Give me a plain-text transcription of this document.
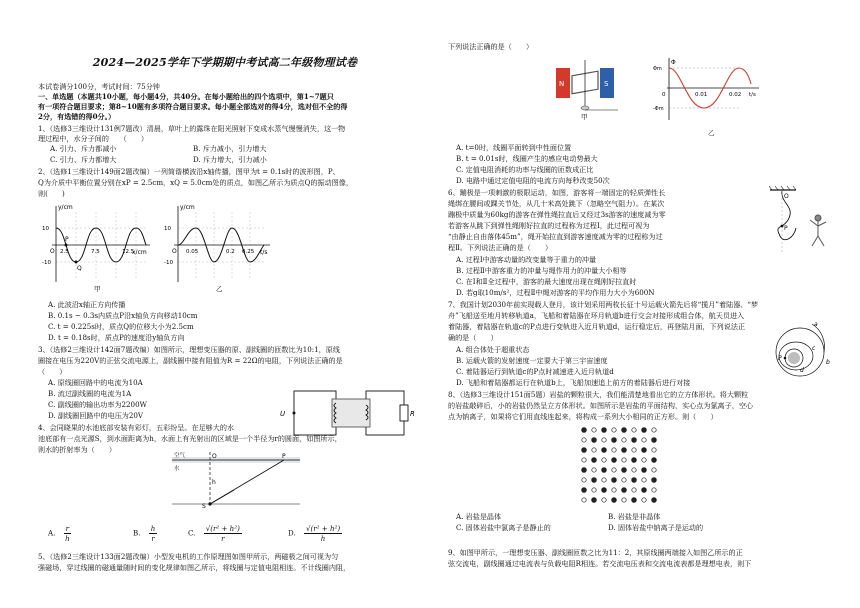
2024—2025学年下学期期中考试高二年级物理试卷
本试卷满分100分，考试时间：75分钟
一、单选题（本题共10小题，每小题4分，共40分。在每小题给出的四个选项中，第1~7题只
有一项符合题目要求；第8~10题有多项符合题目要求。每小题全部选对的得4分，选对但不全的得
2分，有选错的得0分。）
1、（选修3三维设计131例7题改）清晨，草叶上的露珠在阳光照射下变成水蒸气慢慢消失，这一物
理过程中，水分子间的　　（　　）
A. 引力、斥力都减小	B. 斥力减小，引力增大
C. 引力、斥力都增大	D. 斥力增大，引力减小
2、（选修1三维设计149面2题改编）一列简谐横波沿x轴传播，图甲为t = 0.1s时的波形图，P、
Q为介质中平衡位置分别在xP = 2.5cm，xQ = 5.0cm处的质点，如图乙所示为质点Q的振动图像，
则(　　)
y/cm
x/cm
O 2.5	7.5	12.5
P
Q
10
-10
甲
y/cm
t/s
O 0.05	0.2 0.25
10
-10
乙
A. 此波沿x轴正方向传播
B. 0.1s ~ 0.3s内质点P沿x轴负方向移动10cm
C. t = 0.225s时，质点Q的位移大小为2.5cm
D. t = 0.18s时，质点P的速度沿y轴负方向
3、（选修2三维设计142面7题改编）如图所示，理想变压器的原、副线圈的匝数比为10:1，原线
圈接在电压为220V的正弦交流电源上，副线圈中接有阻值为R = 22Ω的电阻，下列说法正确的是
（　　）
A. 原线圈回路中的电流为10A
B. 流过副线圈的电流为1A
C. 副线圈的输出功率为2200W
D. 副线圈回路中的电压为20V	U	R
4、会同晓果的水池底部安装有彩灯，五彩纷呈。在足够大的水
池底部有一点光源S，到水面距离为h，水面上有光射出的区域是一个半径为r的圆面，如图所示，
则水的折射率为（　　）
空气
水
O	P
S
h
A. $\frac{r}{h}$	B. $\frac{h}{r}$	C. $\frac{\text{√(r² + h²)}}{r}$	D. $\frac{\text{√(r² + h²)}}{h}$
5、（选修2三维设计133面2题改编）小型发电机的工作原理图如图甲所示，两磁极之间可视为匀
强磁场，穿过线圈的磁通量随时间的变化规律如图乙所示，将线圈与定值电阻相连。不计线圈内阻，
下列说法正确的是（　　）
N	S
甲
Φ
t/s
0	0.01	0.02
Φm
-Φm
乙
A. t=0时，线圈平面转到中性面位置
B. t = 0.01s时，线圈产生的感应电动势最大
C. 定值电阻消耗的功率与线圈的匝数成正比
D. 电路中通过定值电阻的电流方向每秒改变50次
6、蹦极是一项刺激的极限运动，如图，游客将一端固定的轻质弹性长
绳绑在腰间或踝关节处，从几十米高处跳下（忽略空气阻力）。在某次
蹦极中质量为60kg的游客在弹性绳拉直后又经过3s游客的速度减为零
若游客从跳下到弹性绳刚好拉直的过程称为过程Ⅰ，此过程可视为
“由静止自由落体45m”，绳开始拉直到游客速度减为零的过程称为过
程Ⅱ。下列说法正确的是（　　）
O
P
A. 过程Ⅰ中游客动量的改变量等于重力的冲量
B. 过程Ⅱ中游客重力的冲量与绳作用力的冲量大小相等
C. 在Ⅰ和Ⅱ全过程中，游客的最大速度出现在绳刚好拉直时
D. 若g取10m/s²，过程Ⅱ中绳对游客的平均作用力大小为600N
7、我国计划2030年前实现载人登月，该计划采用两枚长征十号运载火箭先后将“揽月”着陆器、“梦
舟”飞船送至地月转移轨道a，飞船和着陆器在环月轨道b进行交会对接形成组合体，航天员进入
着陆器，着陆器在轨道c的P点进行变轨进入近月轨道d，运行稳定后，再登陆月面，下列说法正
确的是（　　）
a
b
c
d
P
A. 组合体处于超重状态
B. 运载火箭的发射速度一定要大于第三宇宙速度
C. 着陆器运行到轨道c的P点时减速进入近月轨道d
D. 飞船和着陆器都运行在轨道b上，飞船加速追上前方的着陆器后进行对接
8、（选修3三维设计151面5题）岩盐的颗粒很大，我们能清楚地看出它的立方体形状。将大颗粒
的岩盐敲碎后，小的岩盐仍然呈立方体形状。如图所示是岩盐的平面结构，实心点为氯离子，空心
点为钠离子，如果将它们用直线连起来，将构成一系列大小相同的正方形。则（　　）
A. 岩盐是晶体	B. 岩盐是非晶体
C. 固体岩盐中氯离子是静止的	D. 固体岩盐中钠离子是运动的
9、如图甲所示，一理想变压器、副线圈匝数之比为11：2，其原线圈两端接入如图乙所示的正
弦交流电，副线圈通过电流表与负载电阻R相连。若交流电压表和交流电流表都是理想电表，则下
